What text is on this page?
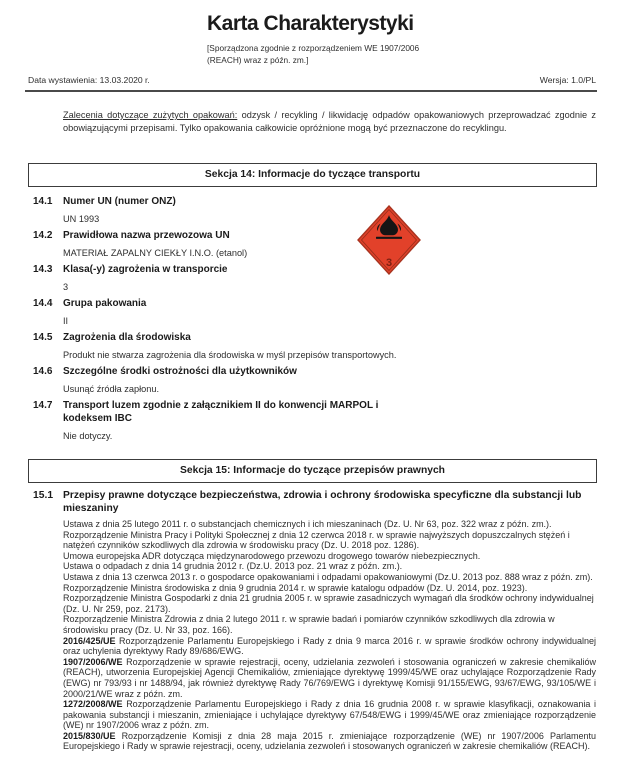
Karta Charakterystyki
[Sporządzona zgodnie z rozporządzeniem WE 1907/2006 (REACH) wraz z późn. zm.]
Data wystawienia: 13.03.2020 r.	Wersja: 1.0/PL

Zalecenia dotyczące zużytych opakowań: odzysk / recykling / likwidację odpadów opakowaniowych przeprowadzać zgodnie z obowiązującymi przepisami. Tylko opakowania całkowicie opróżnione mogą być przeznaczone do recyklingu.

Sekcja 14: Informacje do tyczące transportu
3
14.1	Numer UN (numer ONZ)
UN 1993
14.2	Prawidłowa nazwa przewozowa UN
MATERIAŁ ZAPALNY CIEKŁY I.N.O. (etanol)
14.3	Klasa(-y) zagrożenia w transporcie
3
14.4	Grupa pakowania
II
14.5	Zagrożenia dla środowiska
Produkt nie stwarza zagrożenia dla środowiska w myśl przepisów transportowych.
14.6	Szczególne środki ostrożności dla użytkowników
Usunąć źródła zapłonu.
14.7	Transport luzem zgodnie z załącznikiem II do konwencji MARPOL i kodeksem IBC
Nie dotyczy.
Sekcja 15: Informacje do tyczące przepisów prawnych
15.1 Przepisy prawne dotyczące bezpieczeństwa, zdrowia i ochrony środowiska specyficzne dla substancji lub mieszaniny

Ustawa z dnia 25 lutego 2011 r. o substancjach chemicznych i ich mieszaninach (Dz. U. Nr 63, poz. 322 wraz z późn. zm.).

Rozporządzenie Ministra Pracy i Polityki Społecznej z dnia 12 czerwca 2018 r. w sprawie najwyższych dopuszczalnych stężeń i natężeń czynników szkodliwych dla zdrowia w środowisku pracy (Dz. U. 2018 poz. 1286).

Umowa europejska ADR dotycząca międzynarodowego przewozu drogowego towarów niebezpiecznych.

Ustawa o odpadach z dnia 14 grudnia 2012 r. (Dz.U. 2013 poz. 21 wraz z późn. zm.).

Ustawa z dnia 13 czerwca 2013 r. o gospodarce opakowaniami i odpadami opakowaniowymi (Dz.U. 2013 poz. 888 wraz z późn. zm).

Rozporządzenie Ministra środowiska z dnia 9 grudnia 2014 r. w sprawie katalogu odpadów (Dz. U. 2014, poz. 1923).

Rozporządzenie Ministra Gospodarki z dnia 21 grudnia 2005 r. w sprawie zasadniczych wymagań dla środków ochrony indywidualnej (Dz. U. Nr 259, poz. 2173).

Rozporządzenie Ministra Zdrowia z dnia 2 lutego 2011 r. w sprawie badań i pomiarów czynników szkodliwych dla zdrowia w środowisku pracy (Dz. U. Nr 33, poz. 166).

2016/425/UE Rozporządzenie Parlamentu Europejskiego i Rady z dnia 9 marca 2016 r. w sprawie środków ochrony indywidualnej oraz uchylenia dyrektywy Rady 89/686/EWG.

1907/2006/WE Rozporządzenie w sprawie rejestracji, oceny, udzielania zezwoleń i stosowania ograniczeń w zakresie chemikaliów (REACH), utworzenia Europejskiej Agencji Chemikaliów, zmieniające dyrektywę 1999/45/WE oraz uchylające Rozporządzenie Rady (EWG) nr 793/93 i nr 1488/94, jak również dyrektywę Rady 76/769/EWG i dyrektywę Komisji 91/155/EWG, 93/67/EWG, 93/105/WE i 2000/21/WE wraz z późn. zm.

1272/2008/WE Rozporządzenie Parlamentu Europejskiego i Rady z dnia 16 grudnia 2008 r. w sprawie klasyfikacji, oznakowania i pakowania substancji i mieszanin, zmieniające i uchylające dyrektywy 67/548/EWG i 1999/45/WE oraz zmieniające rozporządzenie (WE) nr 1907/2006 wraz z późn. zm.

2015/830/UE Rozporządzenie Komisji z dnia 28 maja 2015 r. zmieniające rozporządzenie (WE) nr 1907/2006 Parlamentu Europejskiego i Rady w sprawie rejestracji, oceny, udzielania zezwoleń i stosowanych ograniczeń w zakresie chemikaliów (REACH).
